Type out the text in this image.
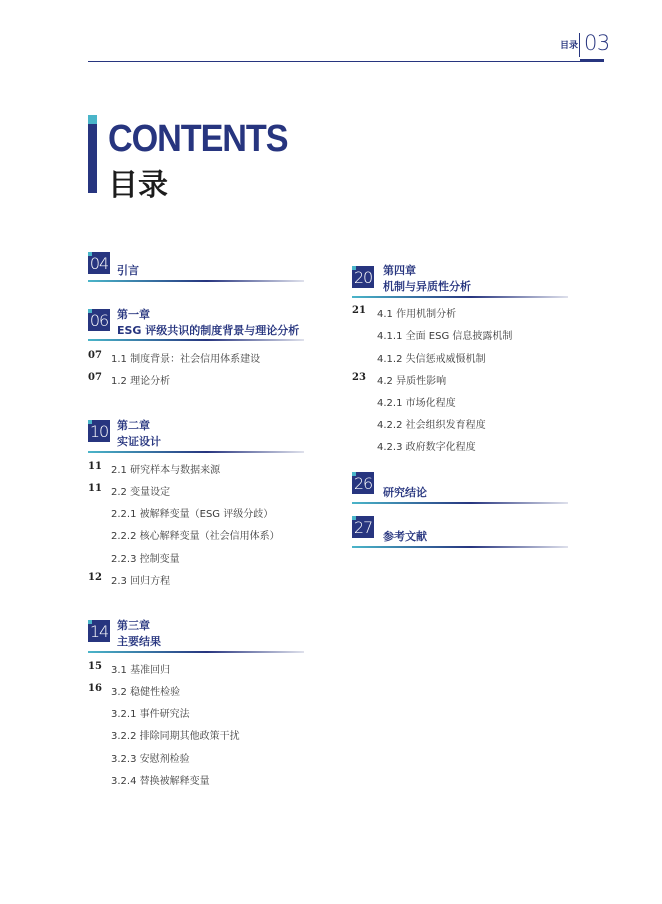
目录 03
CONTENTS
目录
04 引言
06 第一章
ESG 评级共识的制度背景与理论分析
07 1.1 制度背景：社会信用体系建设
07 1.2 理论分析
10 第二章
实证设计
11 2.1 研究样本与数据来源
11 2.2 变量设定
2.2.1 被解释变量（ESG 评级分歧）
2.2.2 核心解释变量（社会信用体系）
2.2.3 控制变量
12 2.3 回归方程
14 第三章
主要结果
15 3.1 基准回归
16 3.2 稳健性检验
3.2.1 事件研究法
3.2.2 排除同期其他政策干扰
3.2.3 安慰剂检验
3.2.4 替换被解释变量
20 第四章
机制与异质性分析
21 4.1 作用机制分析
4.1.1 全面 ESG 信息披露机制
4.1.2 失信惩戒威慑机制
23 4.2 异质性影响
4.2.1 市场化程度
4.2.2 社会组织发育程度
4.2.3 政府数字化程度
26 研究结论
27 参考文献
